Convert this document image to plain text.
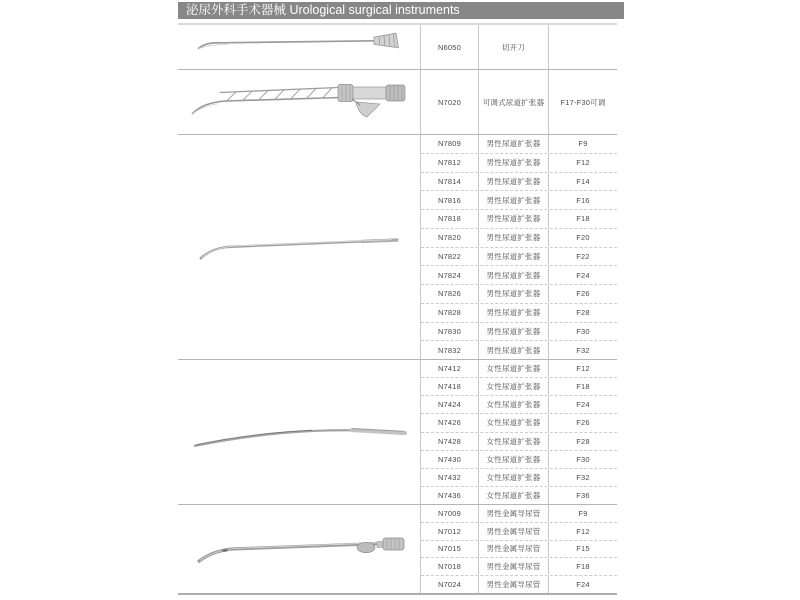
泌尿外科手术器械 Urological surgical instruments
N6050	切开刀
N7020	可调式尿道扩张器	F17-F30可调
N7809	男性尿道扩张器	F9
N7812	男性尿道扩张器	F12
N7814	男性尿道扩张器	F14
N7816	男性尿道扩张器	F16
N7818	男性尿道扩张器	F18
N7820	男性尿道扩张器	F20
N7822	男性尿道扩张器	F22
N7824	男性尿道扩张器	F24
N7826	男性尿道扩张器	F26
N7828	男性尿道扩张器	F28
N7830	男性尿道扩张器	F30
N7832	男性尿道扩张器	F32
N7412	女性尿道扩张器	F12
N7418	女性尿道扩张器	F18
N7424	女性尿道扩张器	F24
N7426	女性尿道扩张器	F26
N7428	女性尿道扩张器	F28
N7430	女性尿道扩张器	F30
N7432	女性尿道扩张器	F32
N7436	女性尿道扩张器	F36
N7009	男性金属导尿管	F9
N7012	男性金属导尿管	F12
N7015	男性金属导尿管	F15
N7018	男性金属导尿管	F18
N7024	男性金属导尿管	F24
